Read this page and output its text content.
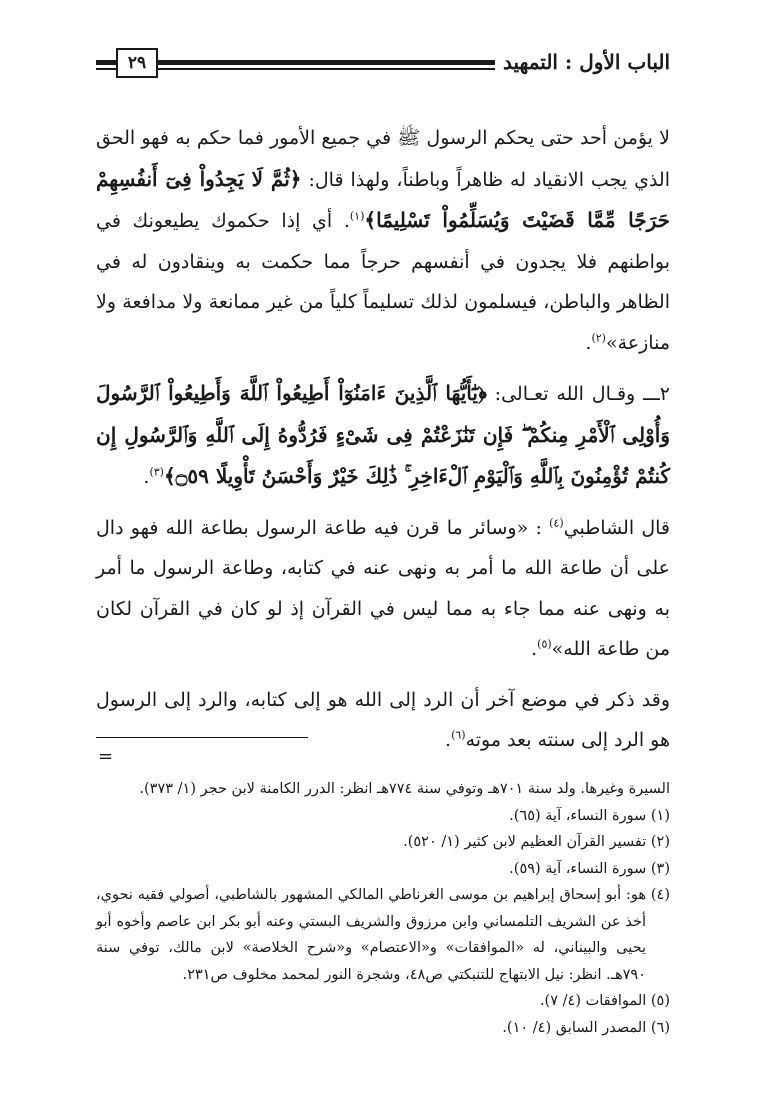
الباب الأول : التمهيد
٢٩

لا يؤمن أحد حتى يحكم الرسول ﷺ في جميع الأمور فما حكم به فهو الحق الذي يجب الانقياد له ظاهراً وباطناً، ولهذا قال: ﴿ثُمَّ لَا يَجِدُواْ فِىٓ أَنفُسِهِمْ حَرَجًا مِّمَّا قَضَيْتَ وَيُسَلِّمُواْ تَسْلِيمًا﴾$^{(١)}$. أي إذا حكموك يطيعونك في بواطنهم فلا يجدون في أنفسهم حرجاً مما حكمت به وينقادون له في الظاهر والباطن، فيسلمون لذلك تسليماً كلياً من غير ممانعة ولا مدافعة ولا منازعة»$^{(٢)}$.

٢ـــ وقـال الله تعـالى: ﴿يَٰٓأَيُّهَا ٱلَّذِينَ ءَامَنُوٓاْ أَطِيعُواْ ٱللَّهَ وَأَطِيعُواْ ٱلرَّسُولَ وَأُوْلِى ٱلْأَمْرِ مِنكُمْ ۖ فَإِن تَنَٰزَعْتُمْ فِى شَىْءٍ فَرُدُّوهُ إِلَى ٱللَّهِ وَٱلرَّسُولِ إِن كُنتُمْ تُؤْمِنُونَ بِٱللَّهِ وَٱلْيَوْمِ ٱلْءَاخِرِ ۚ ذَٰلِكَ خَيْرٌ وَأَحْسَنُ تَأْوِيلًا ۝٥٩﴾$^{(٣)}$.

قال الشاطبي$^{(٤)}$ : «وسائر ما قرن فيه طاعة الرسول بطاعة الله فهو دال على أن طاعة الله ما أمر به ونهى عنه في كتابه، وطاعة الرسول ما أمر به ونهى عنه مما جاء به مما ليس في القرآن إذ لو كان في القرآن لكان من طاعة الله»$^{(٥)}$.

وقد ذكر في موضع آخر أن الرد إلى الله هو إلى كتابه، والرد إلى الرسول هو الرد إلى سنته بعد موته$^{(٦)}$.

=

السيرة وغيرها. ولد سنة ٧٠١هـ وتوفي سنة ٧٧٤هـ انظر: الدرر الكامنة لابن حجر (١/ ٣٧٣).

(١) سورة النساء، آية (٦٥).

(٢) تفسير القرآن العظيم لابن كثير (١/ ٥٢٠).

(٣) سورة النساء، آية (٥٩).

(٤) هو: أبو إسحاق إبراهيم بن موسى الغرناطي المالكي المشهور بالشاطبي، أصولي فقيه نحوي، أخذ عن الشريف التلمساني وابن مرزوق والشريف البستي وعنه أبو بكر ابن عاصم وأخوه أبو يحيى والبيناني، له «الموافقات» و«الاعتصام» و«شرح الخلاصة» لابن مالك، توفي سنة ٧٩٠هـ. انظر: نيل الابتهاج للتنبكتي ص٤٨، وشجرة النور لمحمد مخلوف ص٢٣١.

(٥) الموافقات (٤/ ٧).

(٦) المصدر السابق (٤/ ١٠).
